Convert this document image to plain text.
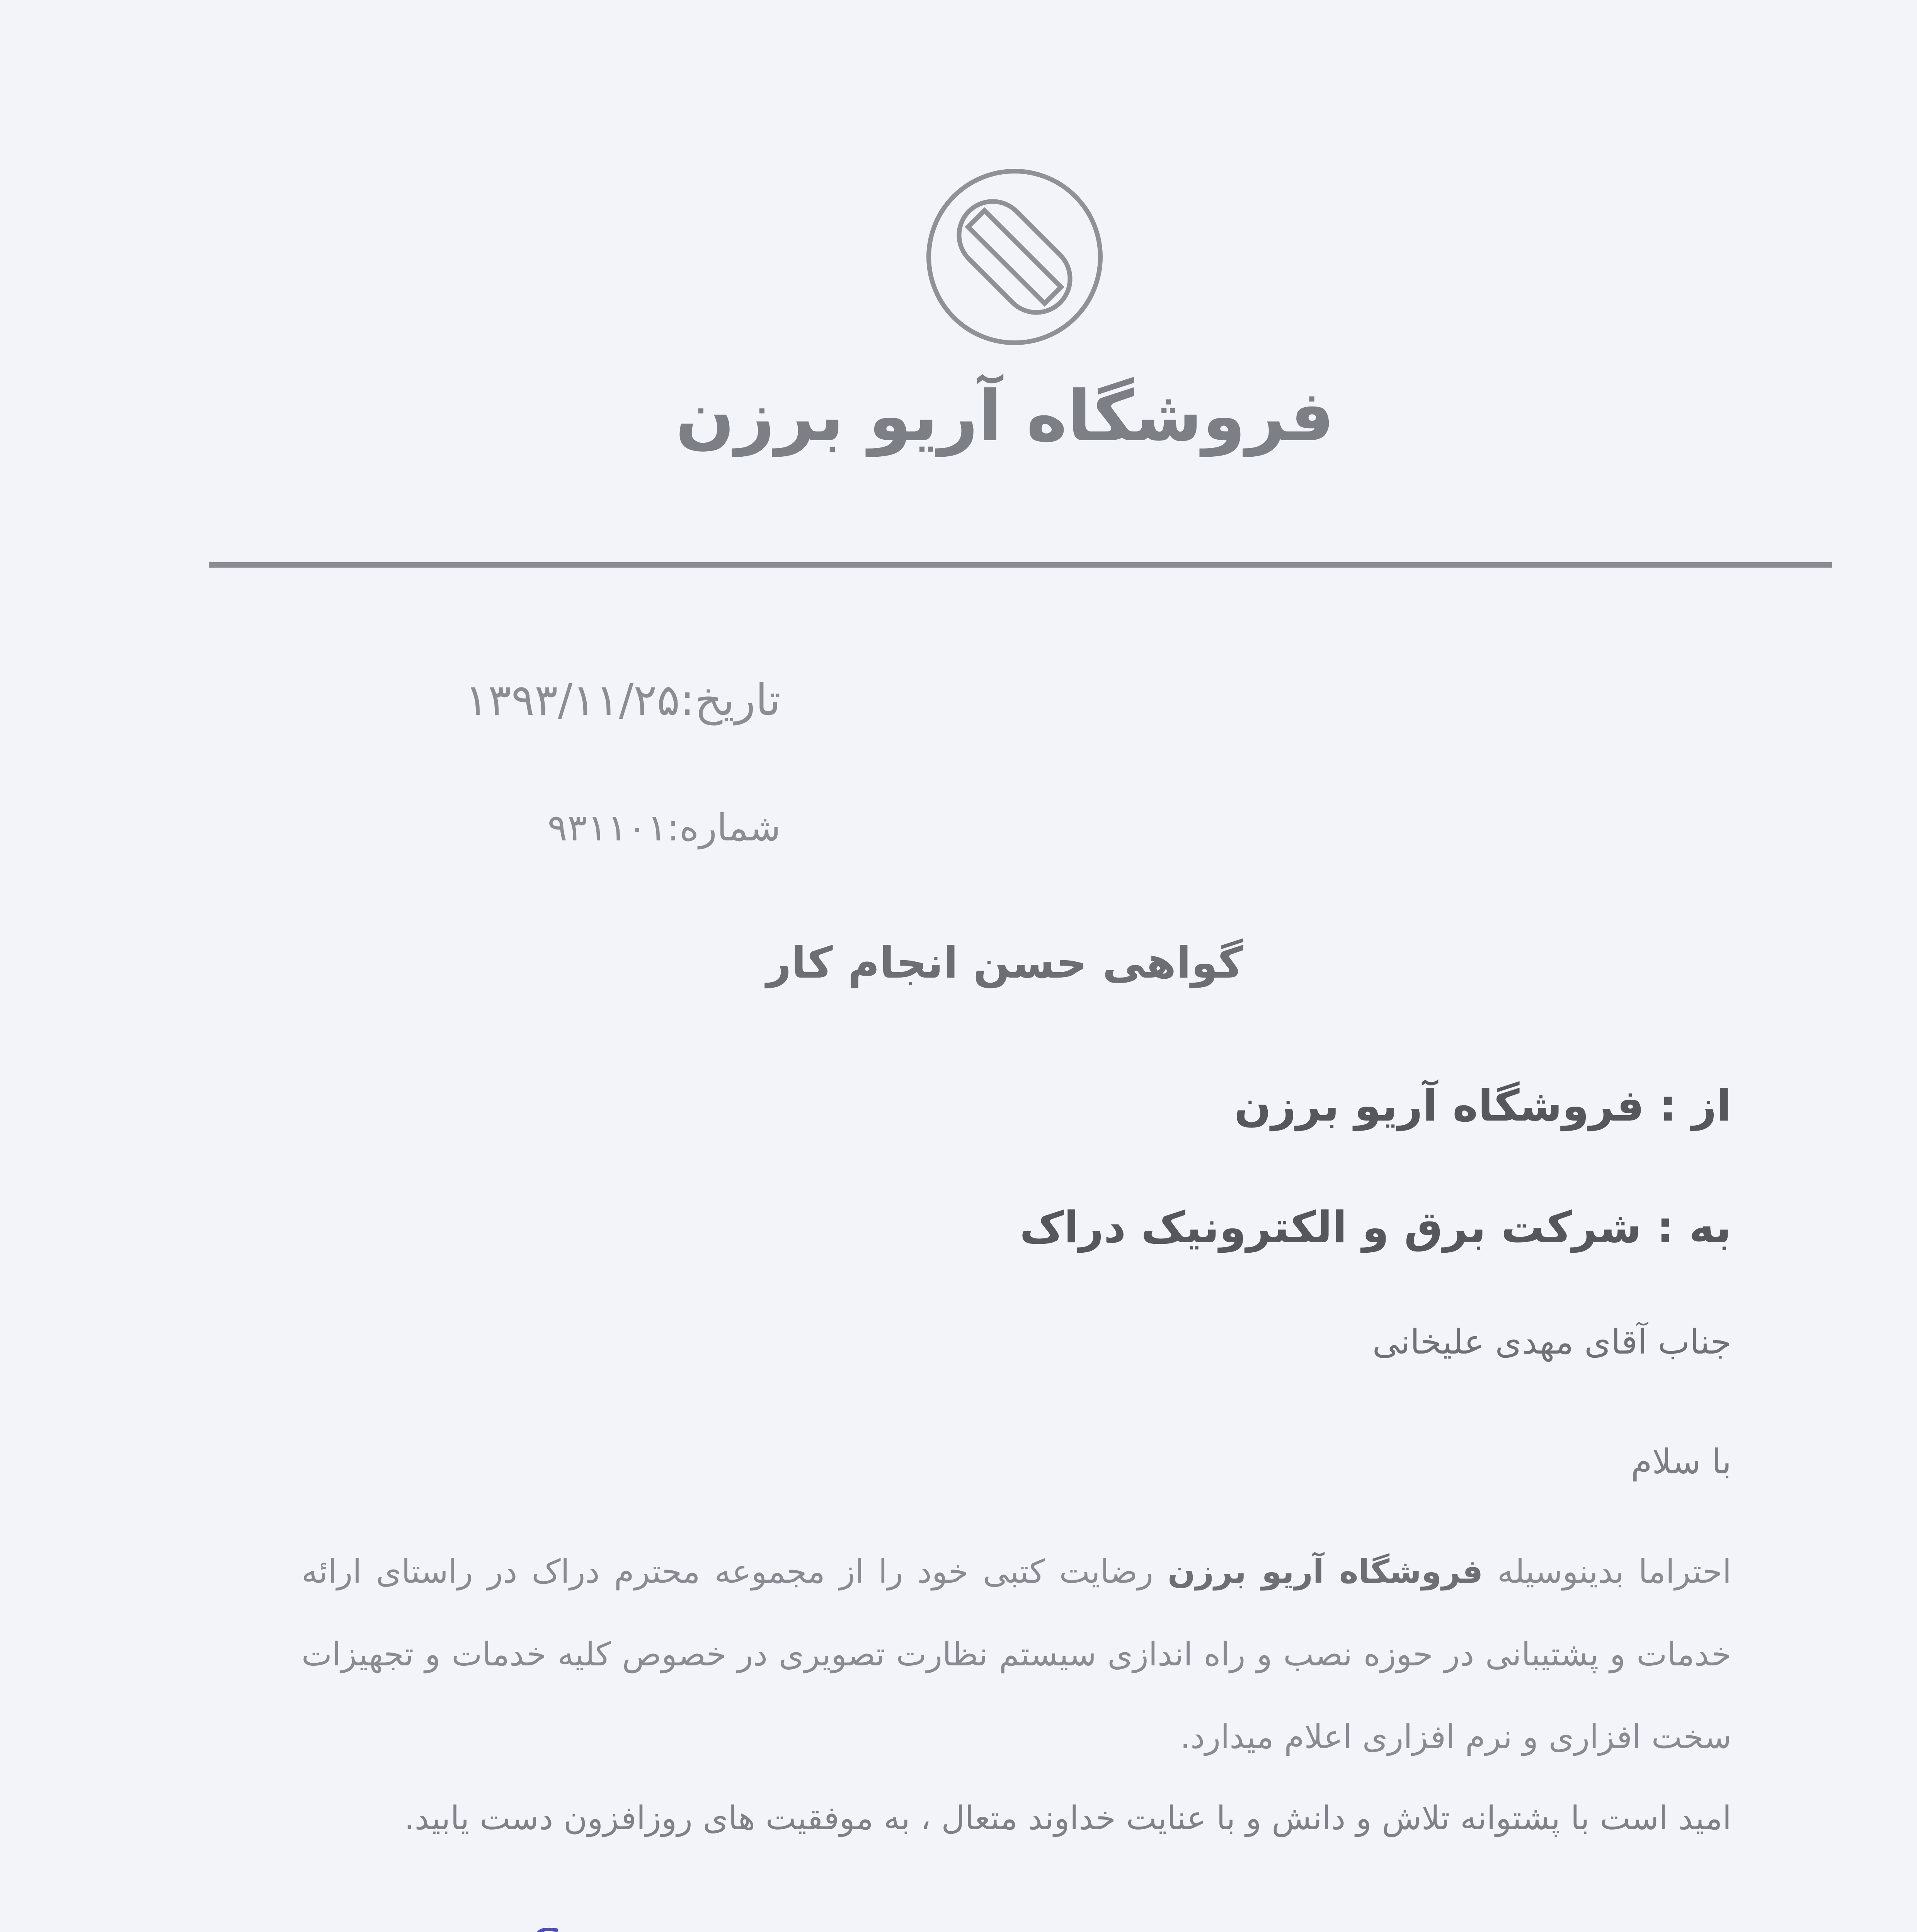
فروشگاه آریو برزن
تاریخ:۱۳۹۳/۱۱/۲۵
شماره:۹۳۱۱۰۱
گواهی حسن انجام کار
از : فروشگاه آریو برزن
به : شرکت برق و الکترونیک دراک
جناب آقای مهدی علیخانی
با سلام
احتراما بدینوسیله فروشگاه آریو برزن رضایت کتبی خود را از مجموعه محترم دراک در راستای ارائه خدمات و پشتیبانی در حوزه نصب و راه اندازی سیستم نظارت تصویری در خصوص کلیه خدمات و تجهیزات سخت افزاری و نرم افزاری اعلام میدارد.
امید است با پشتوانه تلاش و دانش و با عنایت خداوند متعال ، به موفقیت های روزافزون دست یابید.
